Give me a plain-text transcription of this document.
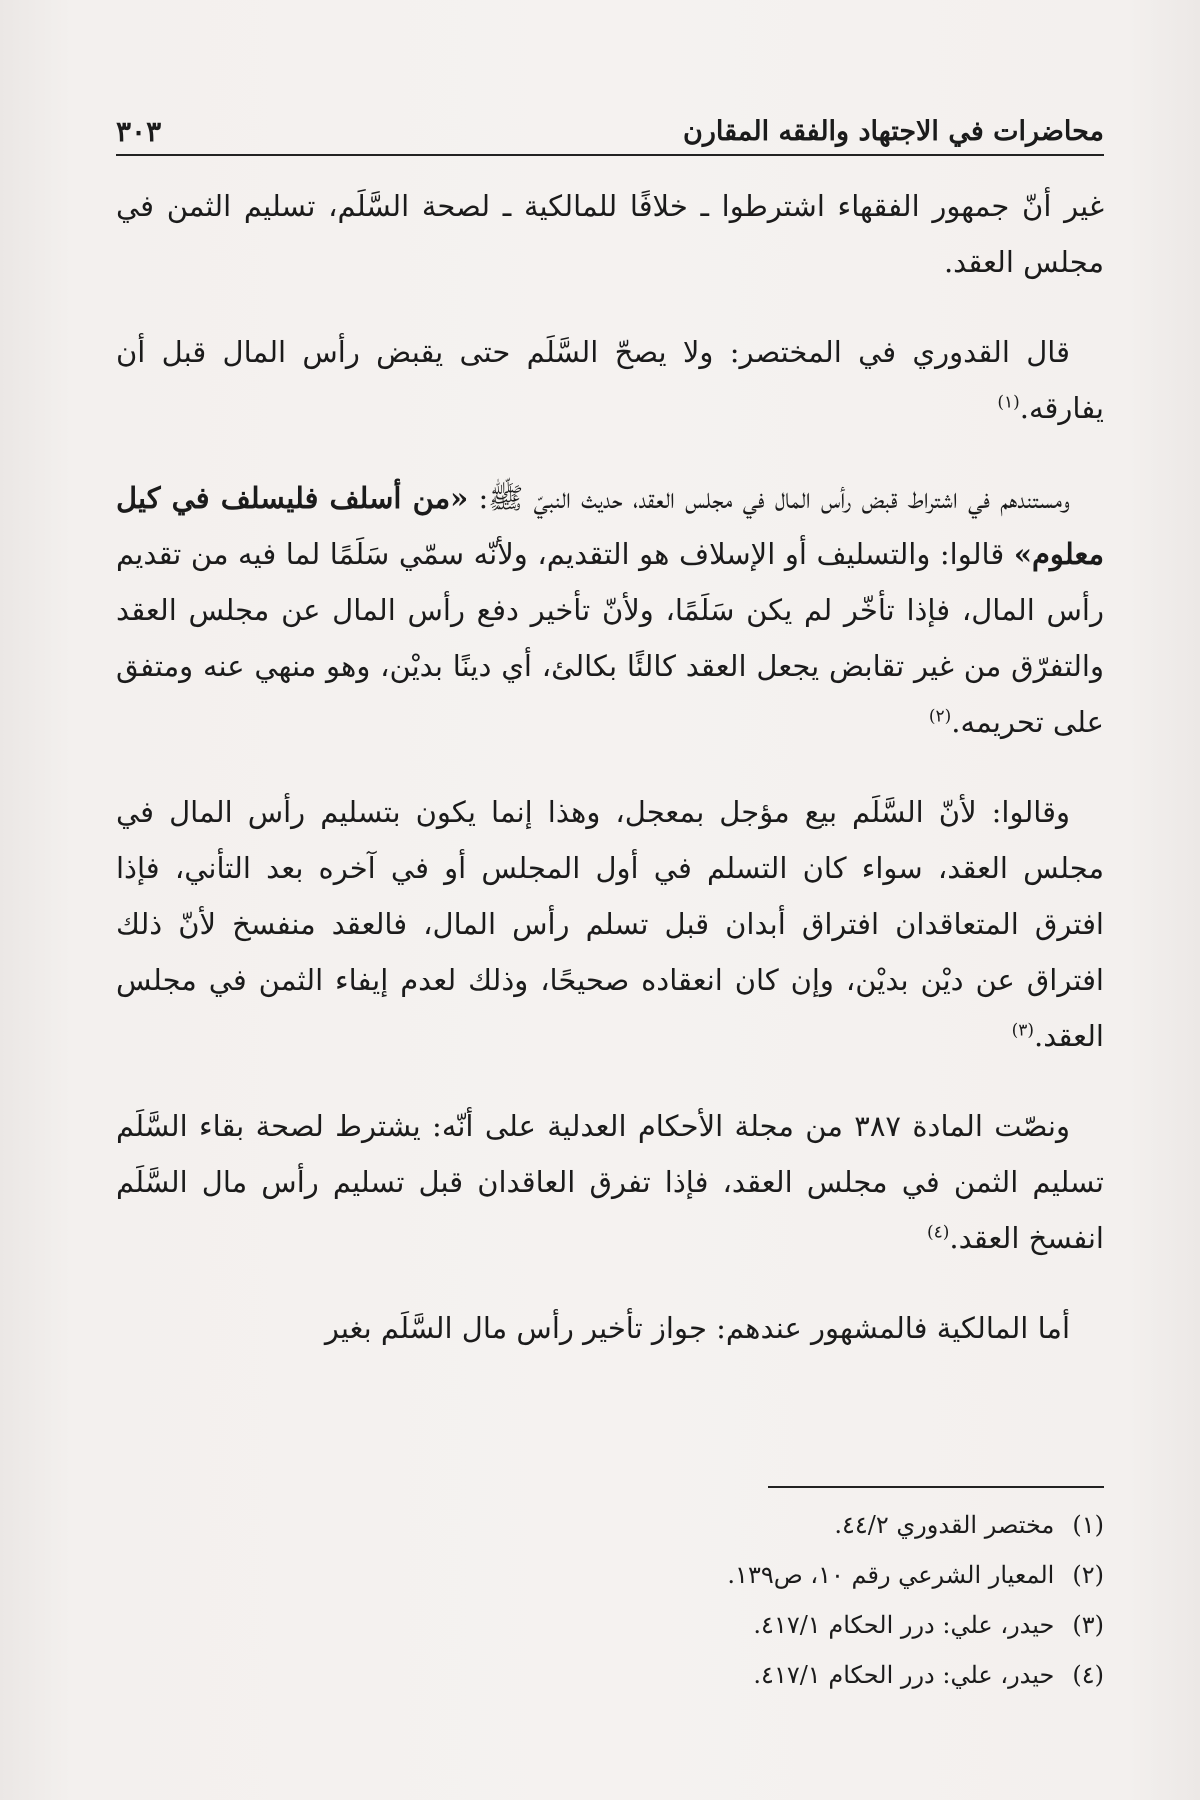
محاضرات في الاجتهاد والفقه المقارن
٣٠٣

غير أنّ جمهور الفقهاء اشترطوا ـ خلافًا للمالكية ـ لصحة السَّلَم، تسليم الثمن في مجلس العقد.

قال القدوري في المختصر: ولا يصحّ السَّلَم حتى يقبض رأس المال قبل أن يفارقه.$^{(١)}$

ومستندهم في اشتراط قبض رأس المال في مجلس العقد، حديث النبيّ ﷺ: «من أسلف فليسلف في كيل معلوم» قالوا: والتسليف أو الإسلاف هو التقديم، ولأنّه سمّي سَلَمًا لما فيه من تقديم رأس المال، فإذا تأخّر لم يكن سَلَمًا، ولأنّ تأخير دفع رأس المال عن مجلس العقد والتفرّق من غير تقابض يجعل العقد كالئًا بكالئ، أي دينًا بديْن، وهو منهي عنه ومتفق على تحريمه.$^{(٢)}$

وقالوا: لأنّ السَّلَم بيع مؤجل بمعجل، وهذا إنما يكون بتسليم رأس المال في مجلس العقد، سواء كان التسلم في أول المجلس أو في آخره بعد التأني، فإذا افترق المتعاقدان افتراق أبدان قبل تسلم رأس المال، فالعقد منفسخ لأنّ ذلك افتراق عن ديْن بديْن، وإن كان انعقاده صحيحًا، وذلك لعدم إيفاء الثمن في مجلس العقد.$^{(٣)}$

ونصّت المادة ٣٨٧ من مجلة الأحكام العدلية على أنّه: يشترط لصحة بقاء السَّلَم تسليم الثمن في مجلس العقد، فإذا تفرق العاقدان قبل تسليم رأس مال السَّلَم انفسخ العقد.$^{(٤)}$

أما المالكية فالمشهور عندهم: جواز تأخير رأس مال السَّلَم بغير

(١)مختصر القدوري ٤٤/٢.
(٢)المعيار الشرعي رقم ١٠، ص١٣٩.
(٣)حيدر، علي: درر الحكام ٤١٧/١.
(٤)حيدر، علي: درر الحكام ٤١٧/١.
